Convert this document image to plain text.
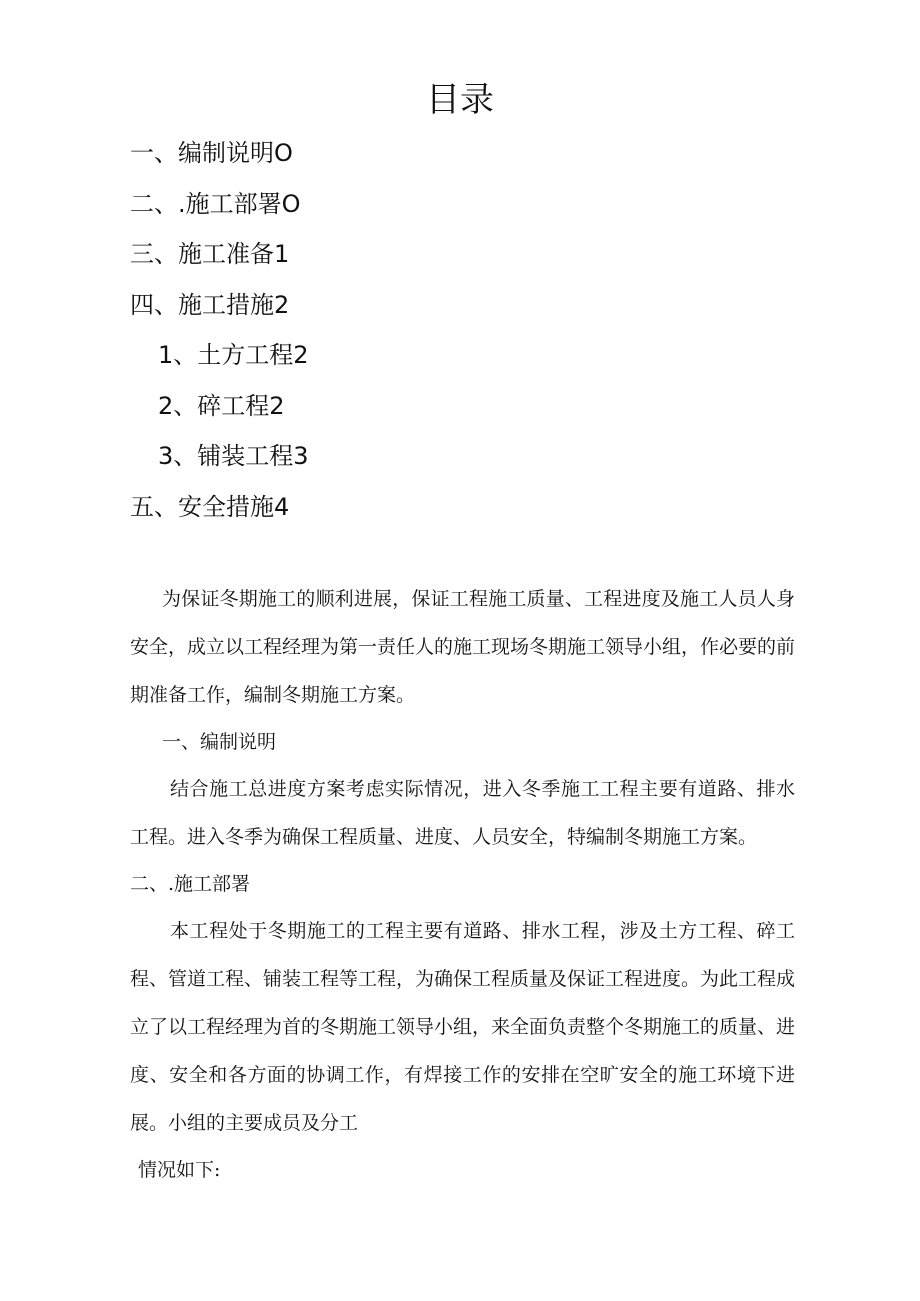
目录
一、编制说明O
二、.施工部署O
三、施工准备1
四、施工措施2
1、土方工程2
2、碎工程2
3、铺装工程3
五、安全措施4

为保证冬期施工的顺利进展，保证工程施工质量、工程进度及施工人员人身安全，成立以工程经理为第一责任人的施工现场冬期施工领导小组，作必要的前期准备工作，编制冬期施工方案。

一、编制说明

结合施工总进度方案考虑实际情况，进入冬季施工工程主要有道路、排水工程。进入冬季为确保工程质量、进度、人员安全，特编制冬期施工方案。

二、.施工部署

本工程处于冬期施工的工程主要有道路、排水工程，涉及土方工程、碎工程、管道工程、铺装工程等工程，为确保工程质量及保证工程进度。为此工程成立了以工程经理为首的冬期施工领导小组，来全面负责整个冬期施工的质量、进度、安全和各方面的协调工作，有焊接工作的安排在空旷安全的施工环境下进展。小组的主要成员及分工

情况如下:
